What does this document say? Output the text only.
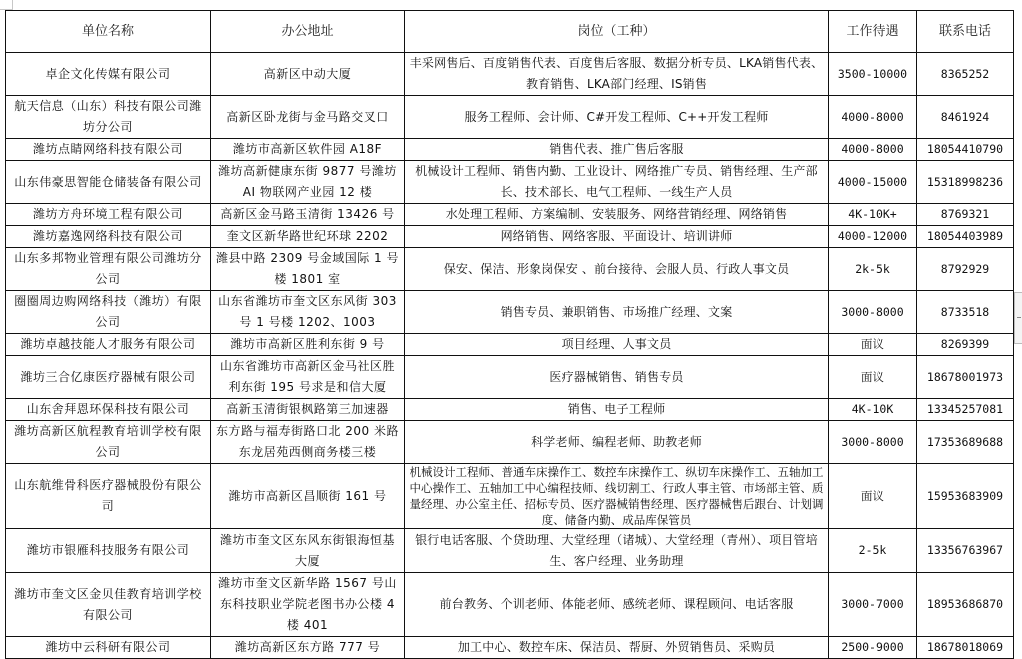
单位名称	办公地址	岗位（工种）	工作待遇	联系电话
卓企文化传媒有限公司	高新区中动大厦	丰采网售后、百度销售代表、百度售后客服、数据分析专员、LKA销售代表、教育销售、LKA部门经理、IS销售	3500-10000	8365252
航天信息（山东）科技有限公司潍坊分公司	高新区卧龙街与金马路交叉口	服务工程师、会计师、C#开发工程师、C++开发工程师	4000-8000	8461924
潍坊点睛网络科技有限公司	潍坊市高新区软件园 A18F	销售代表、推广售后客服	4000-8000	18054410790
山东伟豪思智能仓储装备有限公司	潍坊高新健康东街 9877 号潍坊 AI 物联网产业园 12 楼	机械设计工程师、销售内勤、工业设计、网络推广专员、销售经理、生产部长、技术部长、电气工程师、一线生产人员	4000-15000	15318998236
潍坊方舟环境工程有限公司	高新区金马路玉清街 13426 号	水处理工程师、方案编制、安装服务、网络营销经理、网络销售	4K-10K+	8769321
潍坊嘉逸网络科技有限公司	奎文区新华路世纪环球 2202	网络销售、网络客服、平面设计、培训讲师	4000-12000	18054403989
山东多邦物业管理有限公司潍坊分公司	潍县中路 2309 号金域国际 1 号楼 1801 室	保安、保洁、形象岗保安 、前台接待、会服人员、行政人事文员	2k-5k	8792929
圈圈周边购网络科技（潍坊）有限公司	山东省潍坊市奎文区东风街 303 号 1 号楼 1202、1003	销售专员、兼职销售、市场推广经理、文案	3000-8000	8733518
潍坊卓越技能人才服务有限公司	潍坊市高新区胜利东街 9 号	项目经理、人事文员	面议	8269399
潍坊三合亿康医疗器械有限公司	山东省潍坊市高新区金马社区胜利东街 195 号求是和信大厦	医疗器械销售、销售专员	面议	18678001973
山东舍拜恩环保科技有限公司	高新玉清街银枫路第三加速器	销售、电子工程师	4K-10K	13345257081
潍坊高新区航程教育培训学校有限公司	东方路与福寿街路口北 200 米路东龙居苑西侧商务楼三楼	科学老师、编程老师、助教老师	3000-8000	17353689688
山东航维骨科医疗器械股份有限公司	潍坊市高新区昌顺街 161 号	机械设计工程师、普通车床操作工、数控车床操作工、纵切车床操作工、五轴加工中心操作工、五轴加工中心编程技师、线切割工、行政人事主管、市场部主管、质量经理、办公室主任、招标专员、医疗器械销售经理、医疗器械售后跟台、计划调度、储备内勤、成品库保管员	面议	15953683909
潍坊市银雁科技服务有限公司	潍坊市奎文区东风东街银海恒基大厦	银行电话客服、个贷助理、大堂经理（诸城）、大堂经理（青州）、项目管培生、客户经理、业务助理	2-5k	13356763967
潍坊市奎文区金贝佳教育培训学校有限公司	潍坊市奎文区新华路 1567 号山东科技职业学院老图书办公楼 4 楼 401	前台教务、个训老师、体能老师、感统老师、课程顾问、电话客服	3000-7000	18953686870
潍坊中云科研有限公司	潍坊高新区东方路 777 号	加工中心、数控车床、保洁员、帮厨、外贸销售员、采购员	2500-9000	18678018069
